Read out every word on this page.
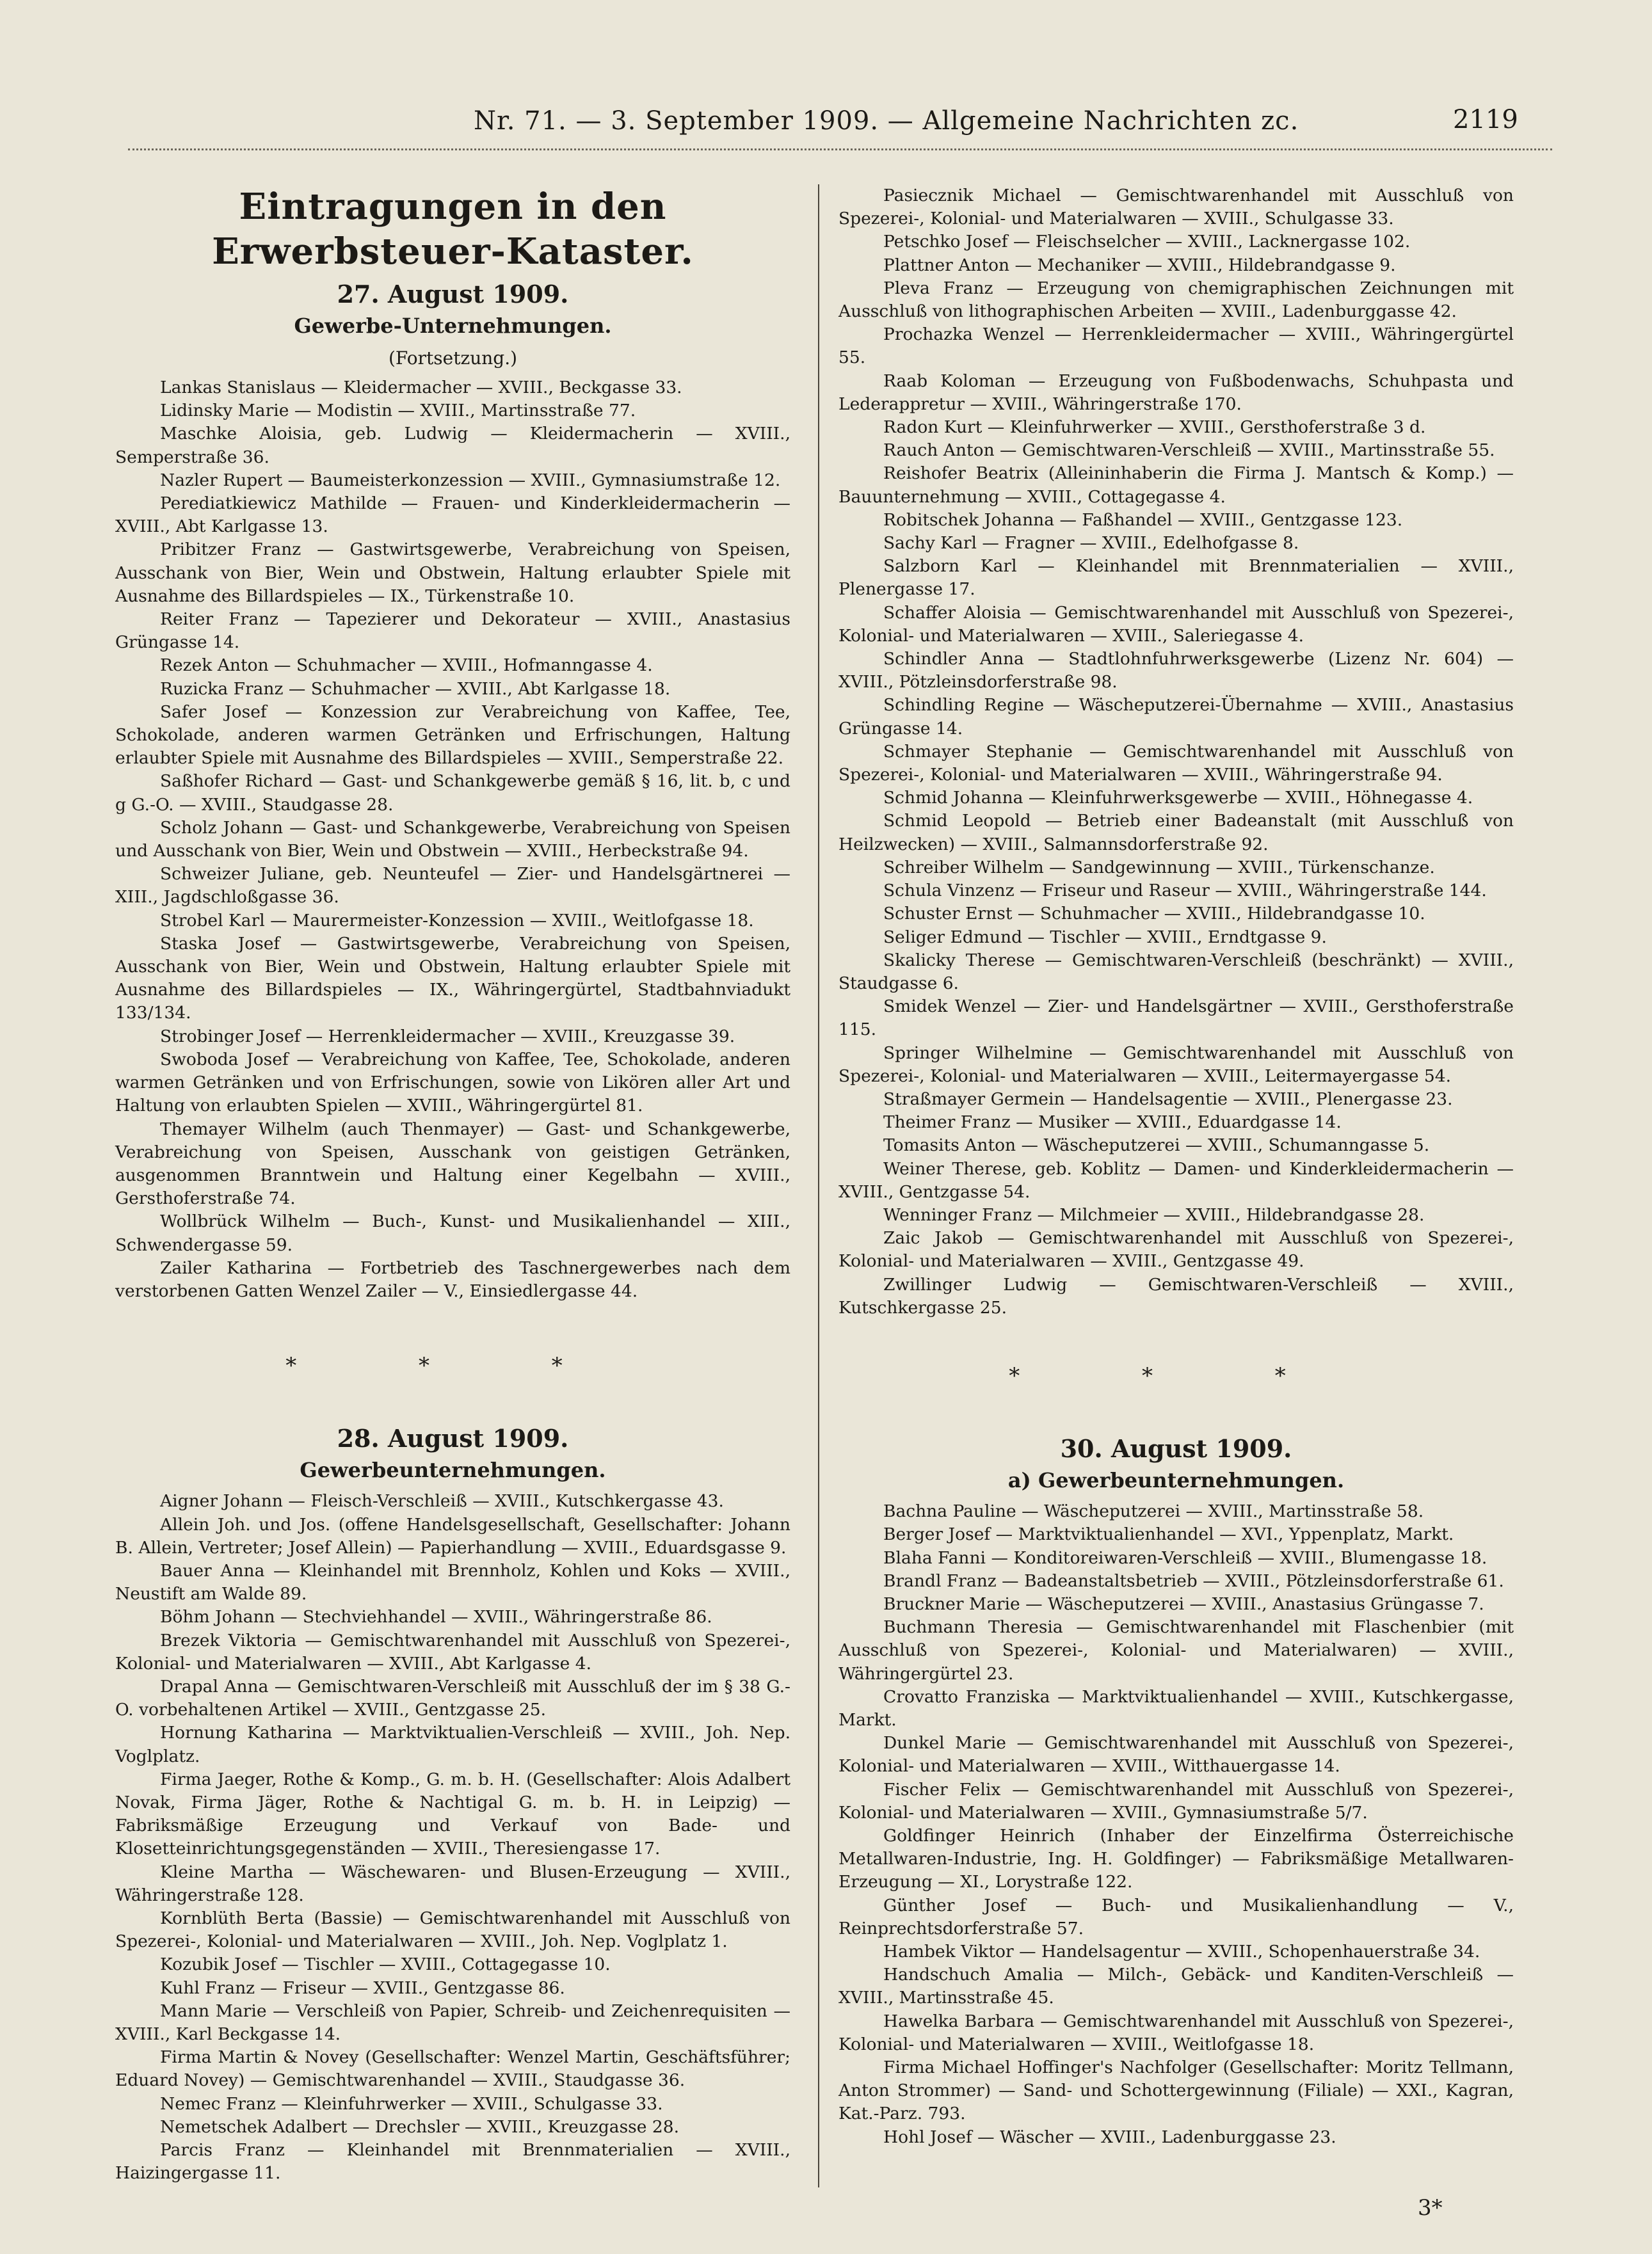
Nr. 71. — 3. September 1909. — Allgemeine Nachrichten zc.	2119
Eintragungen in den Erwerbsteuer-Kataster.
27. August 1909.
Gewerbe-Unternehmungen.
(Fortsetzung.)

Lankas Stanislaus — Kleidermacher — XVIII., Beckgasse 33.

Lidinsky Marie — Modistin — XVIII., Martinsstraße 77.

Maschke Aloisia, geb. Ludwig — Kleidermacherin — XVIII., Semperstraße 36.

Nazler Rupert — Baumeisterkonzession — XVIII., Gymnasiumstraße 12.

Perediatkiewicz Mathilde — Frauen- und Kinderkleidermacherin — XVIII., Abt Karlgasse 13.

Pribitzer Franz — Gastwirtsgewerbe, Verabreichung von Speisen, Ausschank von Bier, Wein und Obstwein, Haltung erlaubter Spiele mit Ausnahme des Billardspieles — IX., Türkenstraße 10.

Reiter Franz — Tapezierer und Dekorateur — XVIII., Anastasius Grüngasse 14.

Rezek Anton — Schuhmacher — XVIII., Hofmanngasse 4.

Ruzicka Franz — Schuhmacher — XVIII., Abt Karlgasse 18.

Safer Josef — Konzession zur Verabreichung von Kaffee, Tee, Schokolade, anderen warmen Getränken und Erfrischungen, Haltung erlaubter Spiele mit Ausnahme des Billardspieles — XVIII., Semperstraße 22.

Saßhofer Richard — Gast- und Schankgewerbe gemäß § 16, lit. b, c und g G.-O. — XVIII., Staudgasse 28.

Scholz Johann — Gast- und Schankgewerbe, Verabreichung von Speisen und Ausschank von Bier, Wein und Obstwein — XVIII., Herbeckstraße 94.

Schweizer Juliane, geb. Neunteufel — Zier- und Handelsgärtnerei — XIII., Jagdschloßgasse 36.

Strobel Karl — Maurermeister-Konzession — XVIII., Weitlofgasse 18.

Staska Josef — Gastwirtsgewerbe, Verabreichung von Speisen, Ausschank von Bier, Wein und Obstwein, Haltung erlaubter Spiele mit Ausnahme des Billardspieles — IX., Währingergürtel, Stadtbahnviadukt 133/134.

Strobinger Josef — Herrenkleidermacher — XVIII., Kreuzgasse 39.

Swoboda Josef — Verabreichung von Kaffee, Tee, Schokolade, anderen warmen Getränken und von Erfrischungen, sowie von Likören aller Art und Haltung von erlaubten Spielen — XVIII., Währingergürtel 81.

Themayer Wilhelm (auch Thenmayer) — Gast- und Schankgewerbe, Verabreichung von Speisen, Ausschank von geistigen Getränken, ausgenommen Branntwein und Haltung einer Kegelbahn — XVIII., Gersthoferstraße 74.

Wollbrück Wilhelm — Buch-, Kunst- und Musikalienhandel — XIII., Schwendergasse 59.

Zailer Katharina — Fortbetrieb des Taschnergewerbes nach dem verstorbenen Gatten Wenzel Zailer — V., Einsiedlergasse 44.

* * *

28. August 1909.
Gewerbeunternehmungen.

Aigner Johann — Fleisch-Verschleiß — XVIII., Kutschkergasse 43.

Allein Joh. und Jos. (offene Handelsgesellschaft, Gesellschafter: Johann B. Allein, Vertreter; Josef Allein) — Papierhandlung — XVIII., Eduardsgasse 9.

Bauer Anna — Kleinhandel mit Brennholz, Kohlen und Koks — XVIII., Neustift am Walde 89.

Böhm Johann — Stechviehhandel — XVIII., Währingerstraße 86.

Brezek Viktoria — Gemischtwarenhandel mit Ausschluß von Spezerei-, Kolonial- und Materialwaren — XVIII., Abt Karlgasse 4.

Drapal Anna — Gemischtwaren-Verschleiß mit Ausschluß der im § 38 G.-O. vorbehaltenen Artikel — XVIII., Gentzgasse 25.

Hornung Katharina — Marktviktualien-Verschleiß — XVIII., Joh. Nep. Voglplatz.

Firma Jaeger, Rothe & Komp., G. m. b. H. (Gesellschafter: Alois Adalbert Novak, Firma Jäger, Rothe & Nachtigal G. m. b. H. in Leipzig) — Fabriksmäßige Erzeugung und Verkauf von Bade- und Klosetteinrichtungsgegenständen — XVIII., Theresiengasse 17.

Kleine Martha — Wäschewaren- und Blusen-Erzeugung — XVIII., Währingerstraße 128.

Kornblüth Berta (Bassie) — Gemischtwarenhandel mit Ausschluß von Spezerei-, Kolonial- und Materialwaren — XVIII., Joh. Nep. Voglplatz 1.

Kozubik Josef — Tischler — XVIII., Cottagegasse 10.

Kuhl Franz — Friseur — XVIII., Gentzgasse 86.

Mann Marie — Verschleiß von Papier, Schreib- und Zeichenrequisiten — XVIII., Karl Beckgasse 14.

Firma Martin & Novey (Gesellschafter: Wenzel Martin, Geschäftsführer; Eduard Novey) — Gemischtwarenhandel — XVIII., Staudgasse 36.

Nemec Franz — Kleinfuhrwerker — XVIII., Schulgasse 33.

Nemetschek Adalbert — Drechsler — XVIII., Kreuzgasse 28.

Parcis Franz — Kleinhandel mit Brennmaterialien — XVIII., Haizingergasse 11.

Pasiecznik Michael — Gemischtwarenhandel mit Ausschluß von Spezerei-, Kolonial- und Materialwaren — XVIII., Schulgasse 33.

Petschko Josef — Fleischselcher — XVIII., Lacknergasse 102.

Plattner Anton — Mechaniker — XVIII., Hildebrandgasse 9.

Pleva Franz — Erzeugung von chemigraphischen Zeichnungen mit Ausschluß von lithographischen Arbeiten — XVIII., Ladenburggasse 42.

Prochazka Wenzel — Herrenkleidermacher — XVIII., Währingergürtel 55.

Raab Koloman — Erzeugung von Fußbodenwachs, Schuhpasta und Lederappretur — XVIII., Währingerstraße 170.

Radon Kurt — Kleinfuhrwerker — XVIII., Gersthoferstraße 3 d.

Rauch Anton — Gemischtwaren-Verschleiß — XVIII., Martinsstraße 55.

Reishofer Beatrix (Alleininhaberin die Firma J. Mantsch & Komp.) — Bauunternehmung — XVIII., Cottagegasse 4.

Robitschek Johanna — Faßhandel — XVIII., Gentzgasse 123.

Sachy Karl — Fragner — XVIII., Edelhofgasse 8.

Salzborn Karl — Kleinhandel mit Brennmaterialien — XVIII., Plenergasse 17.

Schaffer Aloisia — Gemischtwarenhandel mit Ausschluß von Spezerei-, Kolonial- und Materialwaren — XVIII., Saleriegasse 4.

Schindler Anna — Stadtlohnfuhrwerksgewerbe (Lizenz Nr. 604) — XVIII., Pötzleinsdorferstraße 98.

Schindling Regine — Wäscheputzerei-Übernahme — XVIII., Anastasius Grüngasse 14.

Schmayer Stephanie — Gemischtwarenhandel mit Ausschluß von Spezerei-, Kolonial- und Materialwaren — XVIII., Währingerstraße 94.

Schmid Johanna — Kleinfuhrwerksgewerbe — XVIII., Höhnegasse 4.

Schmid Leopold — Betrieb einer Badeanstalt (mit Ausschluß von Heilzwecken) — XVIII., Salmannsdorferstraße 92.

Schreiber Wilhelm — Sandgewinnung — XVIII., Türkenschanze.

Schula Vinzenz — Friseur und Raseur — XVIII., Währingerstraße 144.

Schuster Ernst — Schuhmacher — XVIII., Hildebrandgasse 10.

Seliger Edmund — Tischler — XVIII., Erndtgasse 9.

Skalicky Therese — Gemischtwaren-Verschleiß (beschränkt) — XVIII., Staudgasse 6.

Smidek Wenzel — Zier- und Handelsgärtner — XVIII., Gersthoferstraße 115.

Springer Wilhelmine — Gemischtwarenhandel mit Ausschluß von Spezerei-, Kolonial- und Materialwaren — XVIII., Leitermayergasse 54.

Straßmayer Germein — Handelsagentie — XVIII., Plenergasse 23.

Theimer Franz — Musiker — XVIII., Eduardgasse 14.

Tomasits Anton — Wäscheputzerei — XVIII., Schumanngasse 5.

Weiner Therese, geb. Koblitz — Damen- und Kinderkleidermacherin — XVIII., Gentzgasse 54.

Wenninger Franz — Milchmeier — XVIII., Hildebrandgasse 28.

Zaic Jakob — Gemischtwarenhandel mit Ausschluß von Spezerei-, Kolonial- und Materialwaren — XVIII., Gentzgasse 49.

Zwillinger Ludwig — Gemischtwaren-Verschleiß — XVIII., Kutschkergasse 25.

* * *

30. August 1909.
a) Gewerbeunternehmungen.

Bachna Pauline — Wäscheputzerei — XVIII., Martinsstraße 58.

Berger Josef — Marktviktualienhandel — XVI., Yppenplatz, Markt.

Blaha Fanni — Konditoreiwaren-Verschleiß — XVIII., Blumengasse 18.

Brandl Franz — Badeanstaltsbetrieb — XVIII., Pötzleinsdorferstraße 61.

Bruckner Marie — Wäscheputzerei — XVIII., Anastasius Grüngasse 7.

Buchmann Theresia — Gemischtwarenhandel mit Flaschenbier (mit Ausschluß von Spezerei-, Kolonial- und Materialwaren) — XVIII., Währingergürtel 23.

Crovatto Franziska — Marktviktualienhandel — XVIII., Kutschkergasse, Markt.

Dunkel Marie — Gemischtwarenhandel mit Ausschluß von Spezerei-, Kolonial- und Materialwaren — XVIII., Witthauergasse 14.

Fischer Felix — Gemischtwarenhandel mit Ausschluß von Spezerei-, Kolonial- und Materialwaren — XVIII., Gymnasiumstraße 5/7.

Goldfinger Heinrich (Inhaber der Einzelfirma Österreichische Metallwaren-Industrie, Ing. H. Goldfinger) — Fabriksmäßige Metallwaren-Erzeugung — XI., Lorystraße 122.

Günther Josef — Buch- und Musikalienhandlung — V., Reinprechtsdorferstraße 57.

Hambek Viktor — Handelsagentur — XVIII., Schopenhauerstraße 34.

Handschuch Amalia — Milch-, Gebäck- und Kanditen-Verschleiß — XVIII., Martinsstraße 45.

Hawelka Barbara — Gemischtwarenhandel mit Ausschluß von Spezerei-, Kolonial- und Materialwaren — XVIII., Weitlofgasse 18.

Firma Michael Hoffinger's Nachfolger (Gesellschafter: Moritz Tellmann, Anton Strommer) — Sand- und Schottergewinnung (Filiale) — XXI., Kagran, Kat.-Parz. 793.

Hohl Josef — Wäscher — XVIII., Ladenburggasse 23.

3*
